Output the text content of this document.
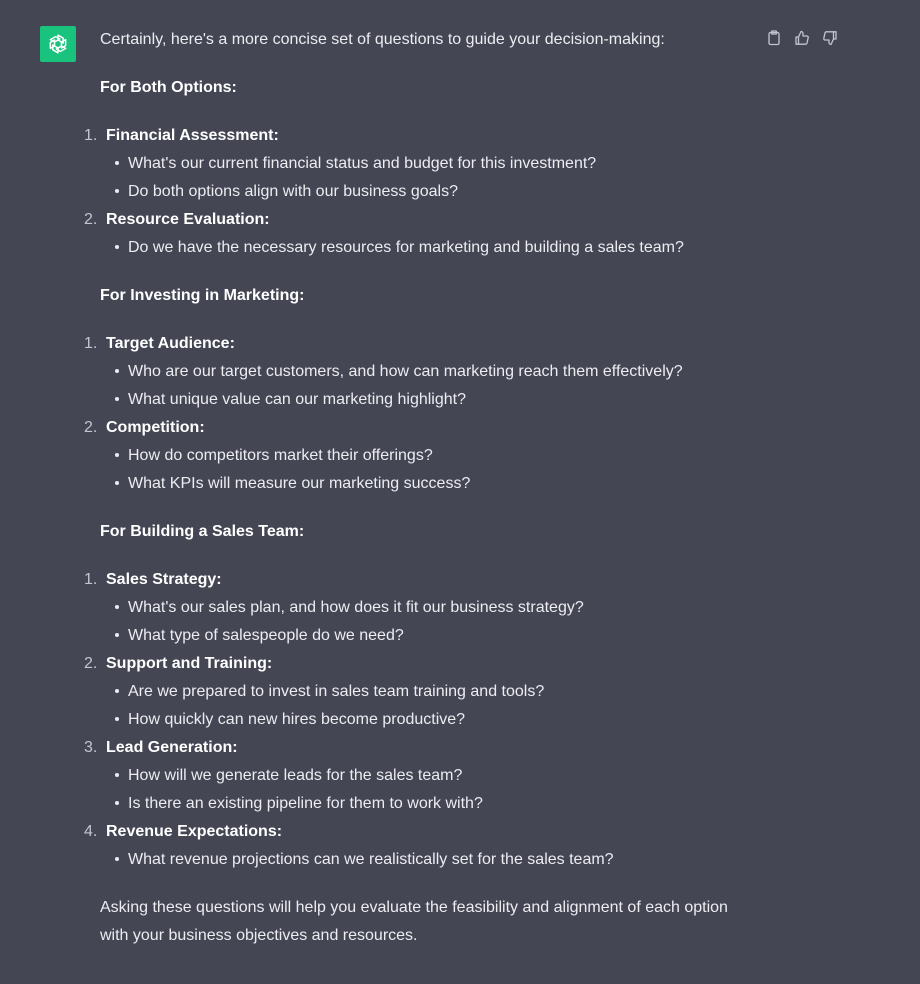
Certainly, here's a more concise set of questions to guide your decision-making:

For Both Options:

1. Financial Assessment:
What's our current financial status and budget for this investment?
Do both options align with our business goals?
2. Resource Evaluation:
Do we have the necessary resources for marketing and building a sales team?

For Investing in Marketing:

1. Target Audience:
Who are our target customers, and how can marketing reach them effectively?
What unique value can our marketing highlight?
2. Competition:
How do competitors market their offerings?
What KPIs will measure our marketing success?

For Building a Sales Team:

1. Sales Strategy:
What's our sales plan, and how does it fit our business strategy?
What type of salespeople do we need?
2. Support and Training:
Are we prepared to invest in sales team training and tools?
How quickly can new hires become productive?
3. Lead Generation:
How will we generate leads for the sales team?
Is there an existing pipeline for them to work with?
4. Revenue Expectations:
What revenue projections can we realistically set for the sales team?

Asking these questions will help you evaluate the feasibility and alignment of each option with your business objectives and resources.
